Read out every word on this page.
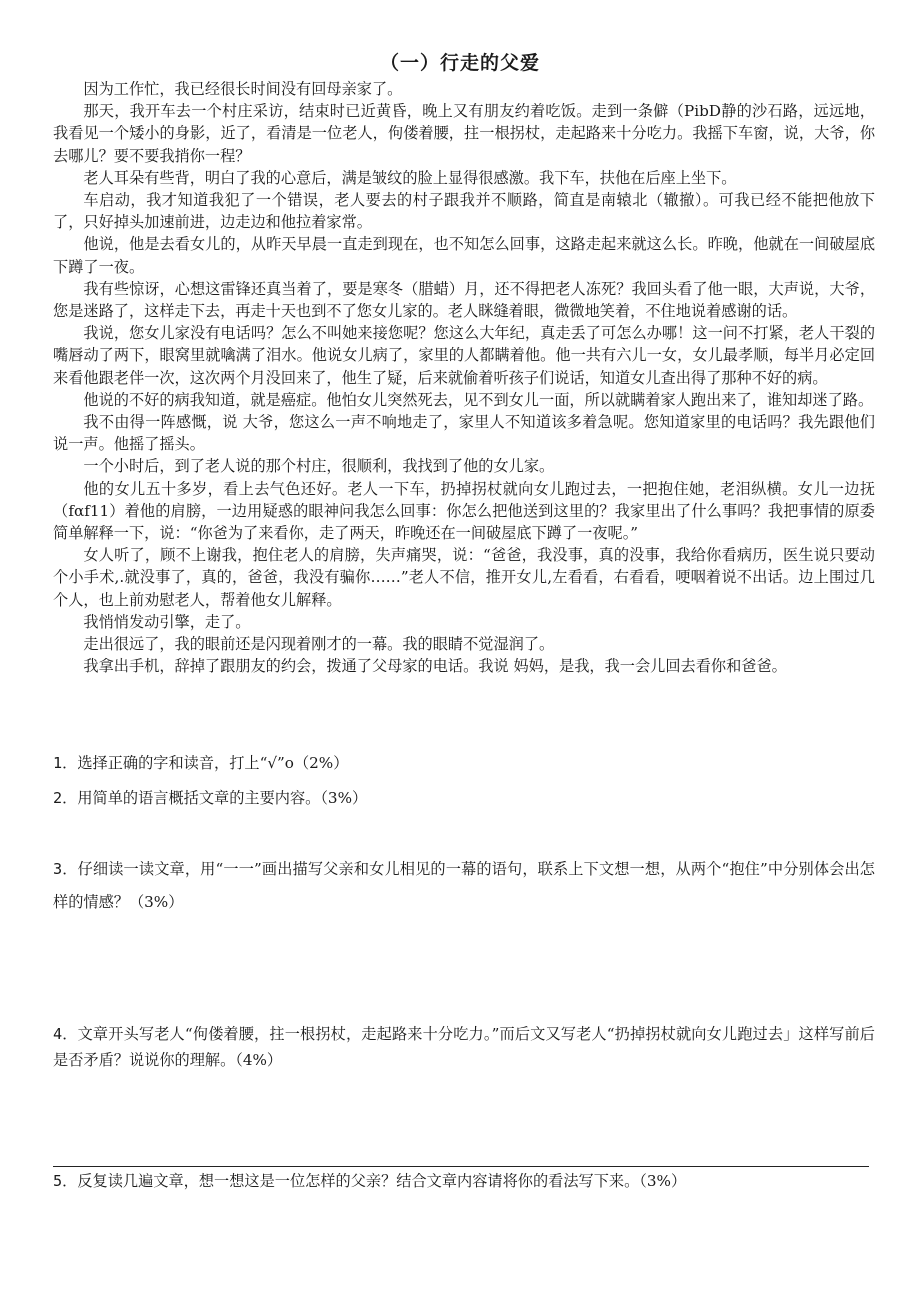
（一）行走的父爱

因为工作忙，我已经很长时间没有回母亲家了。

那天，我开车去一个村庄采访，结束时已近黄昏，晚上又有朋友约着吃饭。走到一条僻（PibD静的沙石路，远远地，我看见一个矮小的身影，近了，看清是一位老人，佝偻着腰，拄一根拐杖，走起路来十分吃力。我摇下车窗，说，大爷，你去哪儿？要不要我捎你一程？

老人耳朵有些背，明白了我的心意后，满是皱纹的脸上显得很感激。我下车，扶他在后座上坐下。

车启动，我才知道我犯了一个错误，老人要去的村子跟我并不顺路，简直是南辕北（辙撤）。可我已经不能把他放下了，只好掉头加速前进，边走边和他拉着家常。

他说，他是去看女儿的，从昨天早晨一直走到现在，也不知怎么回事，这路走起来就这么长。昨晚，他就在一间破屋底下蹲了一夜。

我有些惊讶，心想这雷锋还真当着了，要是寒冬（腊蜡）月，还不得把老人冻死？我回头看了他一眼，大声说，大爷，您是迷路了，这样走下去，再走十天也到不了您女儿家的。老人眯缝着眼，微微地笑着，不住地说着感谢的话。

我说，您女儿家没有电话吗？怎么不叫她来接您呢？您这么大年纪，真走丢了可怎么办哪！这一问不打紧，老人干裂的嘴唇动了两下，眼窝里就噙满了泪水。他说女儿病了，家里的人都瞒着他。他一共有六儿一女，女儿最孝顺，每半月必定回来看他跟老伴一次，这次两个月没回来了，他生了疑，后来就偷着听孩子们说话，知道女儿查出得了那种不好的病。

他说的不好的病我知道，就是癌症。他怕女儿突然死去，见不到女儿一面，所以就瞒着家人跑出来了，谁知却迷了路。

我不由得一阵感慨，说 大爷，您这么一声不响地走了，家里人不知道该多着急呢。您知道家里的电话吗？我先跟他们说一声。他摇了摇头。

一个小时后，到了老人说的那个村庄，很顺利，我找到了他的女儿家。

他的女儿五十多岁，看上去气色还好。老人一下车，扔掉拐杖就向女儿跑过去，一把抱住她，老泪纵横。女儿一边抚（fαf11）着他的肩膀，一边用疑惑的眼神问我怎么回事：你怎么把他送到这里的？我家里出了什么事吗？我把事情的原委简单解释一下，说：“你爸为了来看你，走了两天，昨晚还在一间破屋底下蹲了一夜呢。”

女人听了，顾不上谢我，抱住老人的肩膀，失声痛哭，说：“爸爸，我没事，真的没事，我给你看病历，医生说只要动个小手术,.就没事了，真的，爸爸，我没有骗你……”老人不信，推开女儿,左看看，右看看，哽咽着说不出话。边上围过几个人，也上前劝慰老人，帮着他女儿解释。

我悄悄发动引擎，走了。

走出很远了，我的眼前还是闪现着刚才的一幕。我的眼睛不觉湿润了。

我拿出手机，辞掉了跟朋友的约会，拨通了父母家的电话。我说 妈妈，是我，我一会儿回去看你和爸爸。

1．选择正确的字和读音，打上“√”o（2%）
2．用简单的语言概括文章的主要内容。（3%）
3．仔细读一读文章，用“一一”画出描写父亲和女儿相见的一幕的语句，联系上下文想一想，从两个“抱住”中分别体会出怎样的情感？（3%）
4．文章开头写老人“佝偻着腰，拄一根拐杖，走起路来十分吃力。”而后文又写老人“扔掉拐杖就向女儿跑过去」这样写前后是否矛盾？说说你的理解。（4%）
5．反复读几遍文章，想一想这是一位怎样的父亲？结合文章内容请将你的看法写下来。（3%）
